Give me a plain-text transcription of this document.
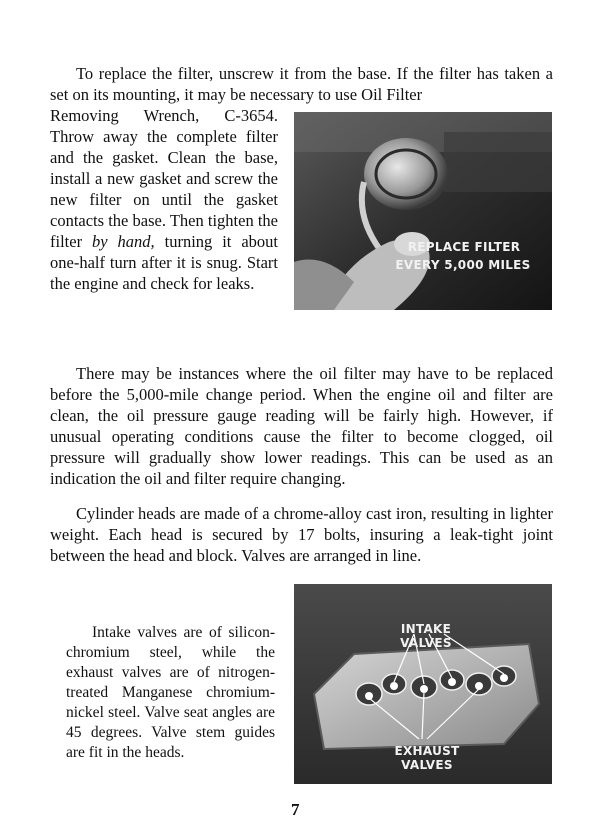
To replace the filter, unscrew it from the base. If the filter has taken a set on its mounting, it may be necessary to use Oil Filter

Removing Wrench, C-3654. Throw away the complete filter and the gasket. Clean the base, install a new gasket and screw the new filter on until the gasket contacts the base. Then tighten the filter by hand, turning it about one-half turn after it is snug. Start the engine and check for leaks.

REPLACE FILTER
EVERY 5,000 MILES

There may be instances where the oil filter may have to be replaced before the 5,000-mile change period. When the engine oil and filter are clean, the oil pressure gauge reading will be fairly high. However, if unusual operating conditions cause the filter to become clogged, oil pressure will gradually show lower readings. This can be used as an indication the oil and filter require changing.

Cylinder heads are made of a chrome-alloy cast iron, resulting in lighter weight. Each head is secured by 17 bolts, insuring a leak-tight joint between the head and block. Valves are arranged in line.

Intake valves are of silicon-chromium steel, while the exhaust valves are of nitrogen-treated Manganese chromium-nickel steel. Valve seat angles are 45 degrees. Valve stem guides are fit in the heads.

INTAKE VALVES
EXHAUST VALVES
7
